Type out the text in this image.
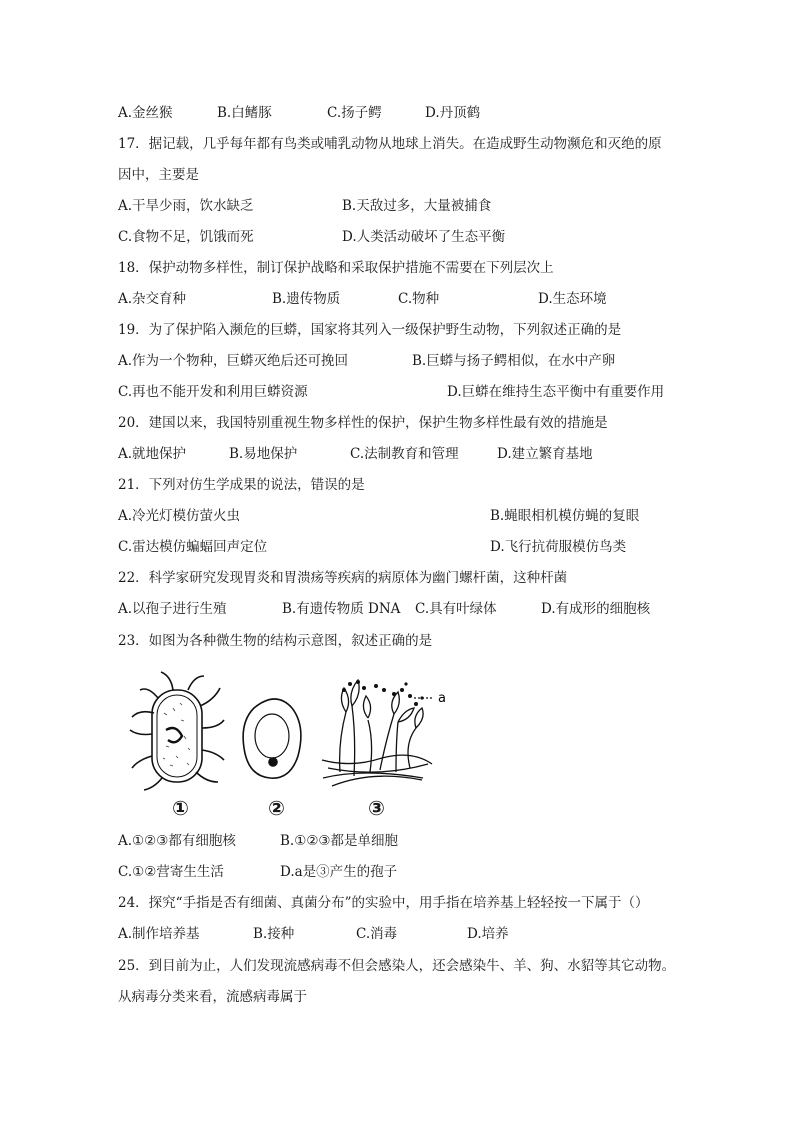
A.金丝猴	B.白鳍豚	C.扬子鳄	D.丹顶鹤
17．据记载，几乎每年都有鸟类或哺乳动物从地球上消失。在造成野生动物濒危和灭绝的原
因中，主要是
A.干旱少雨，饮水缺乏	B.天敌过多，大量被捕食
C.食物不足，饥饿而死	D.人类活动破坏了生态平衡
18．保护动物多样性，制订保护战略和采取保护措施不需要在下列层次上
A.杂交育种	B.遗传物质	C.物种	D.生态环境
19．为了保护陷入濒危的巨蟒，国家将其列入一级保护野生动物，下列叙述正确的是
A.作为一个物种，巨蟒灭绝后还可挽回	B.巨蟒与扬子鳄相似，在水中产卵
C.再也不能开发和利用巨蟒资源	D.巨蟒在维持生态平衡中有重要作用
20．建国以来，我国特别重视生物多样性的保护，保护生物多样性最有效的措施是
A.就地保护	B.易地保护	C.法制教育和管理	D.建立繁育基地
21．下列对仿生学成果的说法，错误的是
A.冷光灯模仿萤火虫	B.蝇眼相机模仿蝇的复眼
C.雷达模仿蝙蝠回声定位	D.飞行抗荷服模仿鸟类
22．科学家研究发现胃炎和胃溃疡等疾病的病原体为幽门螺杆菌，这种杆菌
A.以孢子进行生殖	B.有遗传物质 DNA C.具有叶绿体	D.有成形的细胞核
23．如图为各种微生物的结构示意图，叙述正确的是
a
①	②	③
A.①②③都有细胞核	B.①②③都是单细胞
C.①②营寄生生活	D.a是③产生的孢子
24．探究“手指是否有细菌、真菌分布”的实验中，用手指在培养基上轻轻按一下属于（）
A.制作培养基	B.接种	C.消毒	D.培养
25．到目前为止，人们发现流感病毒不但会感染人，还会感染牛、羊、狗、水貂等其它动物。
从病毒分类来看，流感病毒属于
